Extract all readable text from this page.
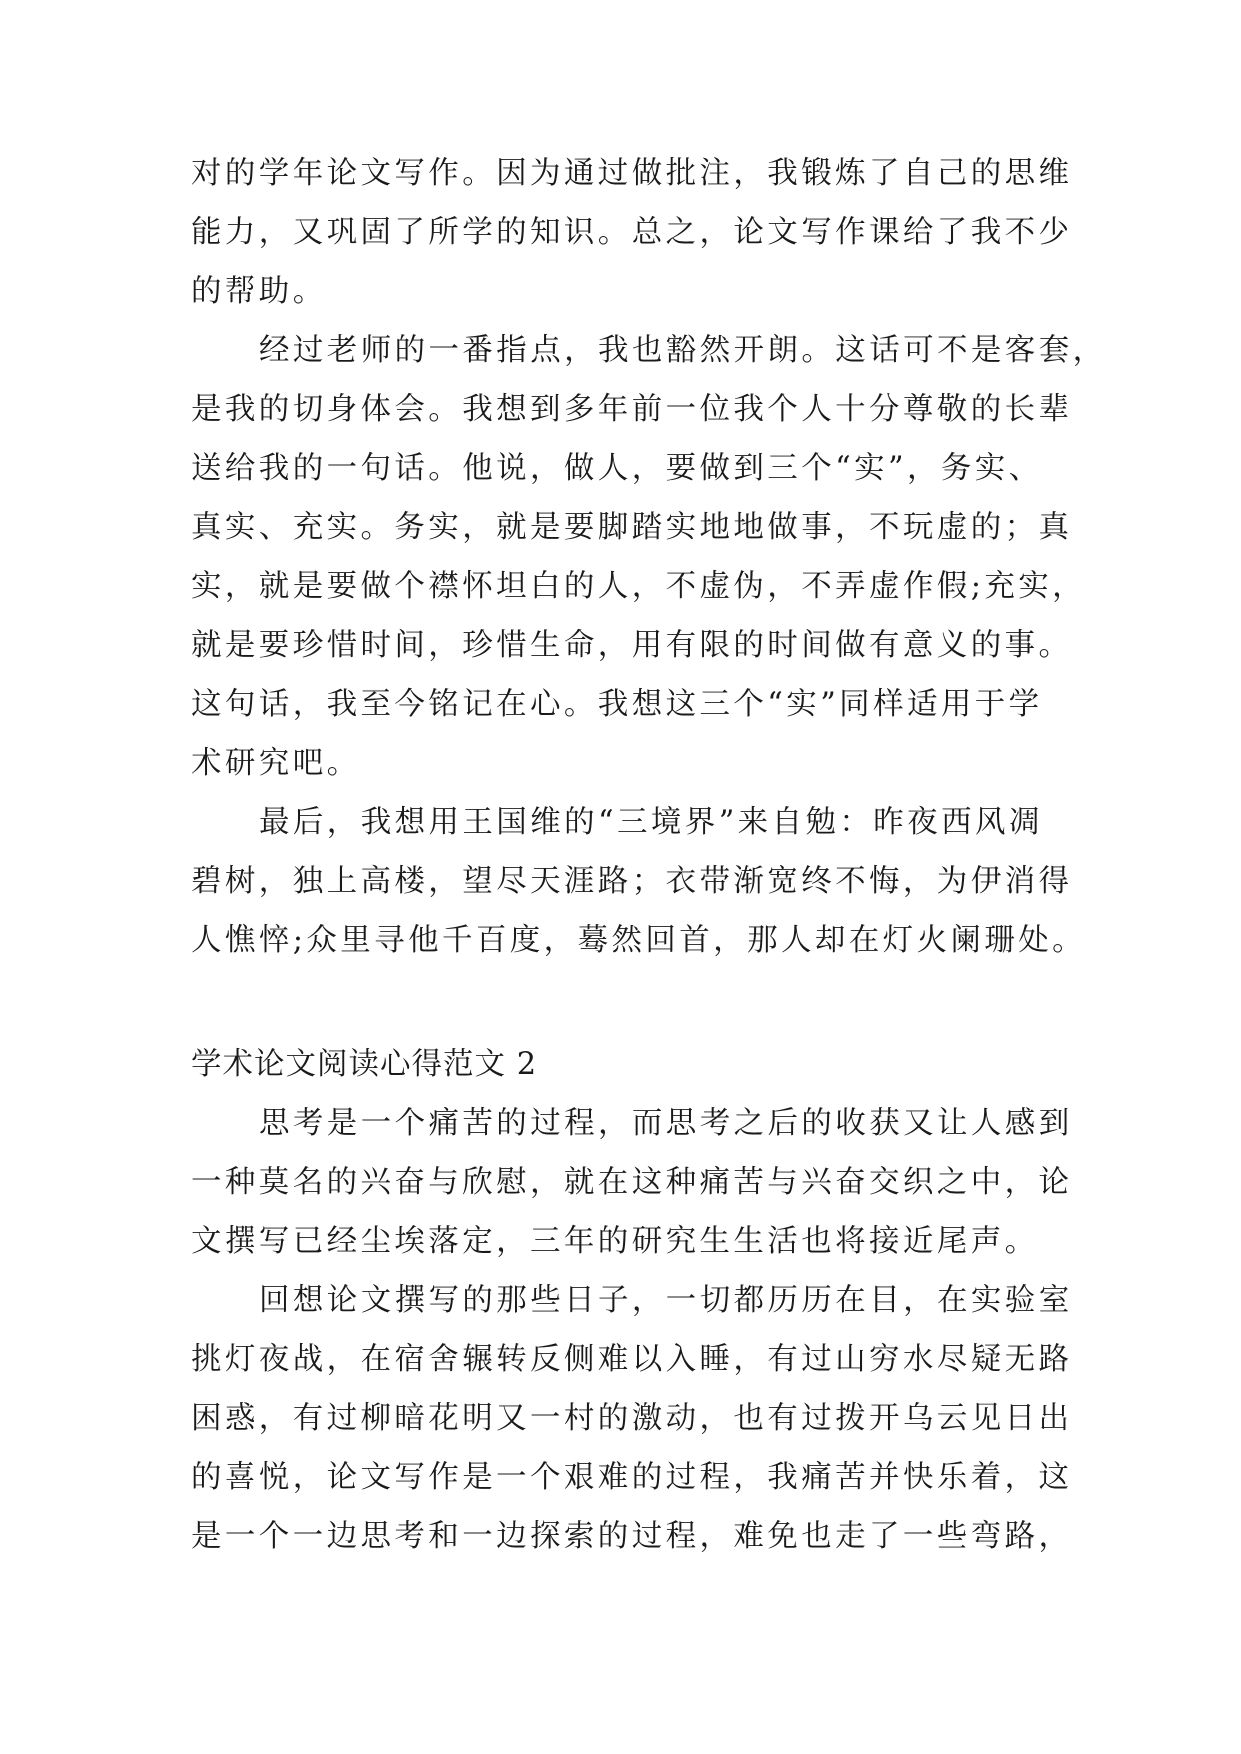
对的学年论文写作。因为通过做批注，我锻炼了自己的思维
能力，又巩固了所学的知识。总之，论文写作课给了我不少
的帮助。
经过老师的一番指点，我也豁然开朗。这话可不是客套，
是我的切身体会。我想到多年前一位我个人十分尊敬的长辈
送给我的一句话。他说，做人，要做到三个“实”，务实、
真实、充实。务实，就是要脚踏实地地做事，不玩虚的；真
实，就是要做个襟怀坦白的人，不虚伪，不弄虚作假;充实，
就是要珍惜时间，珍惜生命，用有限的时间做有意义的事。
这句话，我至今铭记在心。我想这三个“实”同样适用于学
术研究吧。
最后，我想用王国维的“三境界”来自勉：昨夜西风凋
碧树，独上高楼，望尽天涯路；衣带渐宽终不悔，为伊消得
人憔悴;众里寻他千百度，蓦然回首，那人却在灯火阑珊处。
学术论文阅读心得范文 2
思考是一个痛苦的过程，而思考之后的收获又让人感到
一种莫名的兴奋与欣慰，就在这种痛苦与兴奋交织之中，论
文撰写已经尘埃落定，三年的研究生生活也将接近尾声。
回想论文撰写的那些日子，一切都历历在目，在实验室
挑灯夜战，在宿舍辗转反侧难以入睡，有过山穷水尽疑无路
困惑，有过柳暗花明又一村的激动，也有过拨开乌云见日出
的喜悦，论文写作是一个艰难的过程，我痛苦并快乐着，这
是一个一边思考和一边探索的过程，难免也走了一些弯路，
